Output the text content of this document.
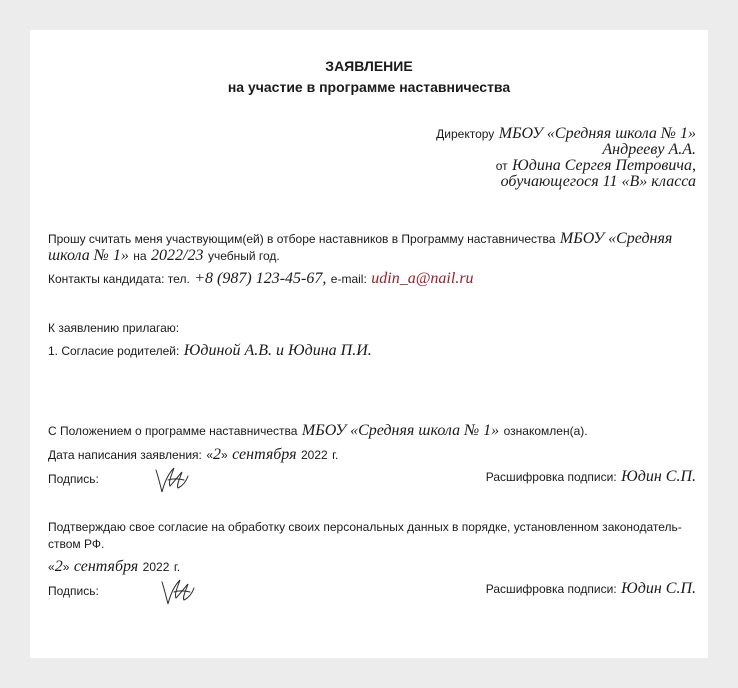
ЗАЯВЛЕНИЕ
на участие в программе наставничества
Директору МБОУ «Средняя школа № 1»
Андрееву А.А.
от Юдина Сергея Петровича,
обучающегося 11 «В» класса
Прошу считать меня участвующим(ей) в отборе наставников в Программу наставничества МБОУ «Средняя
школа № 1» на 2022/23 учебный год.
Контакты кандидата: тел. +8 (987) 123-45-67, e-mail: udin_a@nail.ru
К заявлению прилагаю:
1. Согласие родителей: Юдиной А.В. и Юдина П.И.
С Положением о программе наставничества МБОУ «Средняя школа № 1» ознакомлен(а).
Дата написания заявления: «2» сентября 2022 г.
Подпись:	Расшифровка подписи: Юдин С.П.
Подтверждаю свое согласие на обработку своих персональных данных в порядке, установленном законодатель-
ством РФ.
«2» сентября 2022 г.
Подпись:	Расшифровка подписи: Юдин С.П.
